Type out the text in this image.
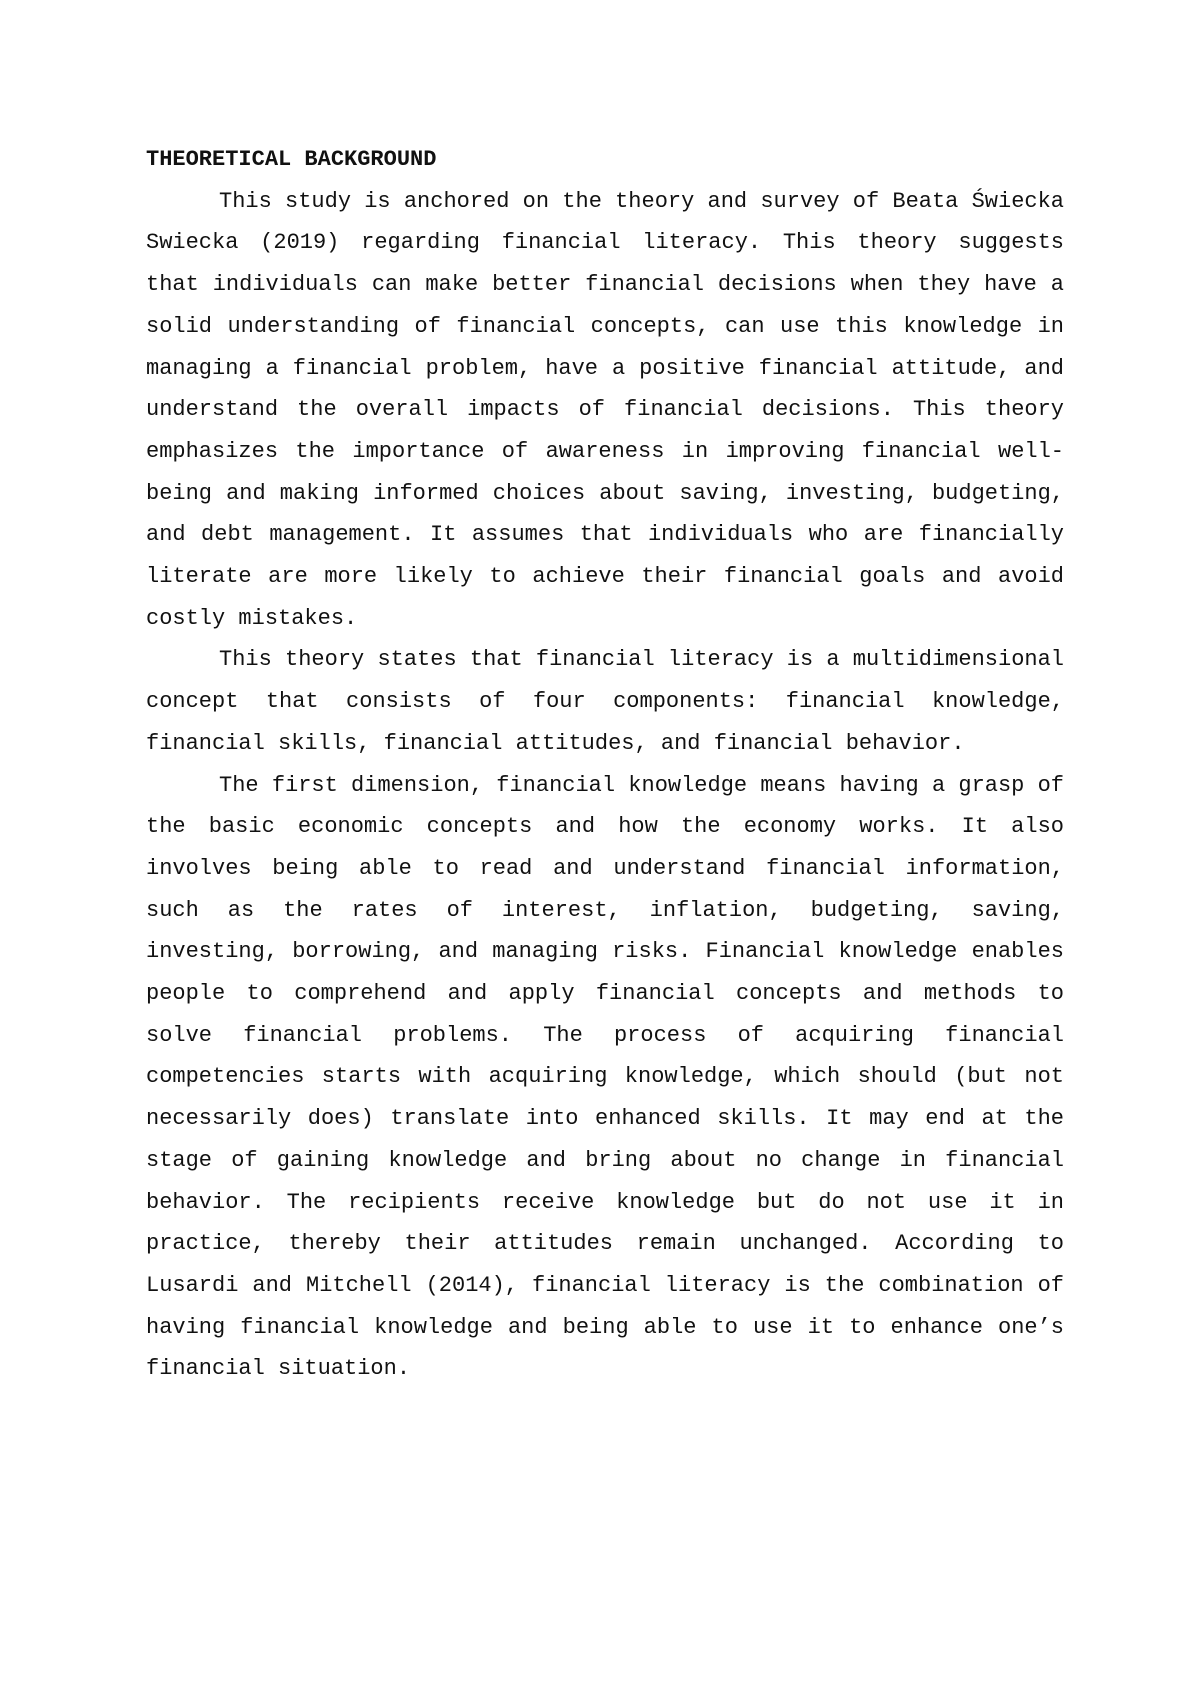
THEORETICAL BACKGROUND

This study is anchored on the theory and survey of Beata Świecka Swiecka (2019) regarding financial literacy. This theory suggests that individuals can make better financial decisions when they have a solid understanding of financial concepts, can use this knowledge in managing a financial problem, have a positive financial attitude, and understand the overall impacts of financial decisions. This theory emphasizes the importance of awareness in improving financial well-being and making informed choices about saving, investing, budgeting, and debt management. It assumes that individuals who are financially literate are more likely to achieve their financial goals and avoid costly mistakes.

This theory states that financial literacy is a multidimensional concept that consists of four components: financial knowledge, financial skills, financial attitudes, and financial behavior.

The first dimension, financial knowledge means having a grasp of the basic economic concepts and how the economy works. It also involves being able to read and understand financial information, such as the rates of interest, inflation, budgeting, saving, investing, borrowing, and managing risks. Financial knowledge enables people to comprehend and apply financial concepts and methods to solve financial problems. The process of acquiring financial competencies starts with acquiring knowledge, which should (but not necessarily does) translate into enhanced skills. It may end at the stage of gaining knowledge and bring about no change in financial behavior. The recipients receive knowledge but do not use it in practice, thereby their attitudes remain unchanged. According to Lusardi and Mitchell (2014), financial literacy is the combination of having financial knowledge and being able to use it to enhance one’s financial situation.
